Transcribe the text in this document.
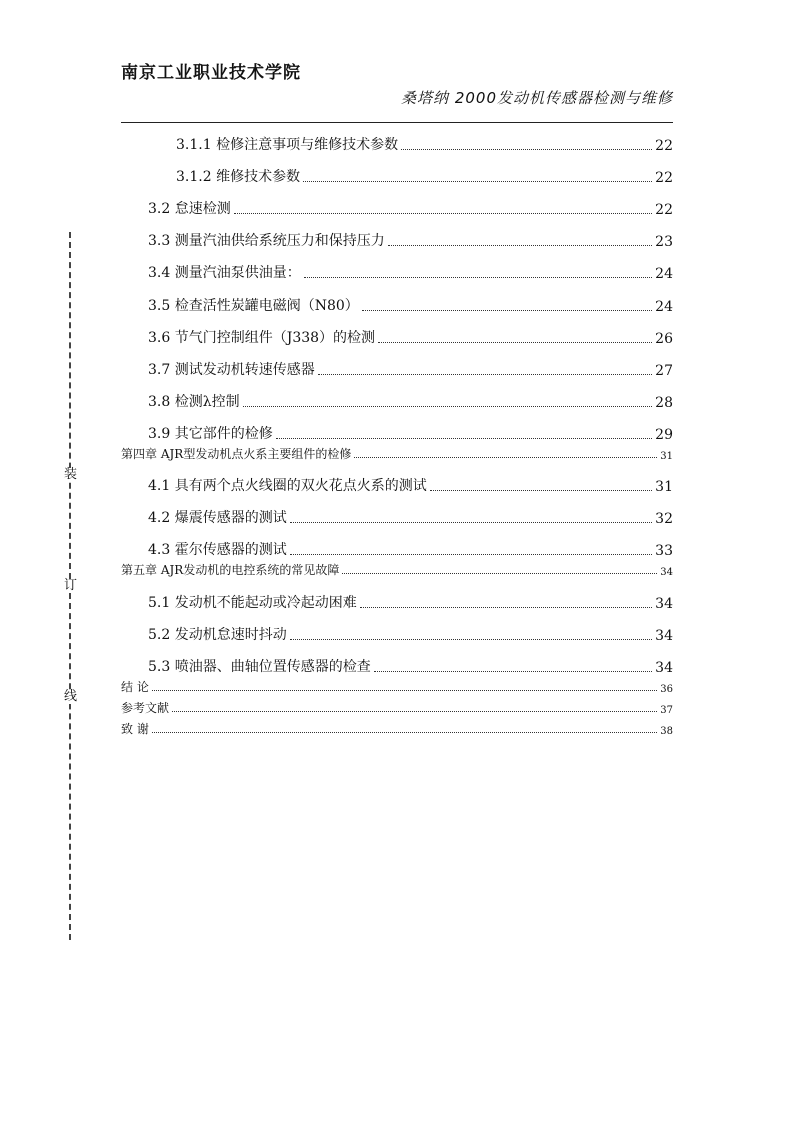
南京工业职业技术学院
桑塔纳 2000发动机传感器检测与维修
装
订
线
3.1.1 检修注意事项与维修技术参数	22
3.1.2 维修技术参数	22
3.2 怠速检测	22
3.3 测量汽油供给系统压力和保持压力	23
3.4 测量汽油泵供油量：	24
3.5 检查活性炭罐电磁阀（N80）	24
3.6 节气门控制组件（J338）的检测	26
3.7 测试发动机转速传感器	27
3.8 检测λ控制	28
3.9 其它部件的检修	29
第四章 AJR型发动机点火系主要组件的检修	31
4.1 具有两个点火线圈的双火花点火系的测试	31
4.2 爆震传感器的测试	32
4.3 霍尔传感器的测试	33
第五章 AJR发动机的电控系统的常见故障	34
5.1 发动机不能起动或冷起动困难	34
5.2 发动机怠速时抖动	34
5.3 喷油器、曲轴位置传感器的检查	34
结 论	36
参考文献	37
致 谢	38
